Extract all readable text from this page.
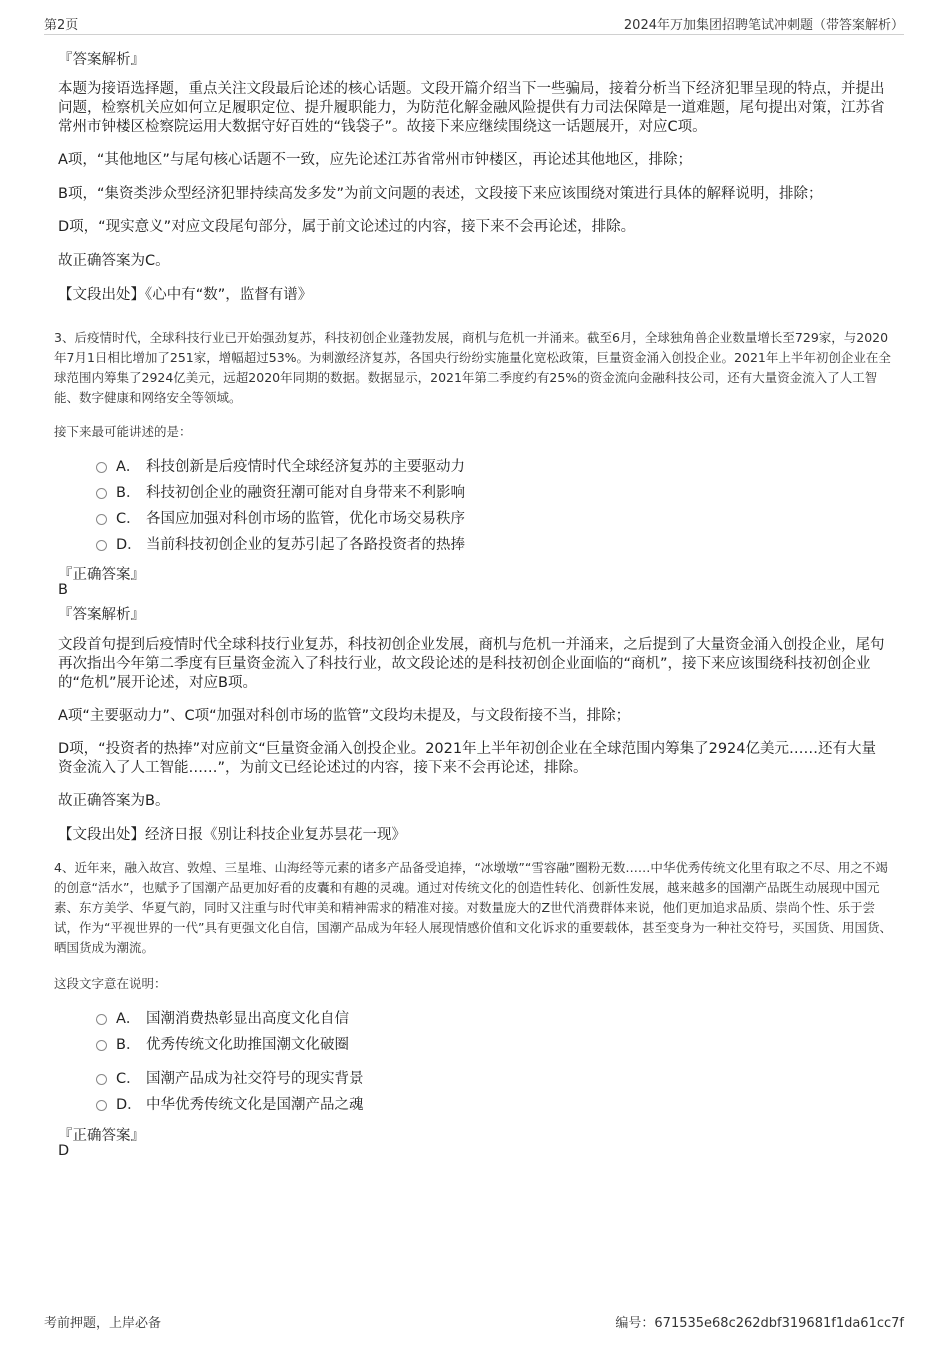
第2页	2024年万加集团招聘笔试冲刺题（带答案解析）
『答案解析』
本题为接语选择题，重点关注文段最后论述的核心话题。文段开篇介绍当下一些骗局，接着分析当下经济犯罪呈现的特点，并提出问题，检察机关应如何立足履职定位、提升履职能力，为防范化解金融风险提供有力司法保障是一道难题，尾句提出对策，江苏省常州市钟楼区检察院运用大数据守好百姓的“钱袋子”。故接下来应继续围绕这一话题展开，对应C项。
A项，“其他地区”与尾句核心话题不一致，应先论述江苏省常州市钟楼区，再论述其他地区，排除；
B项，“集资类涉众型经济犯罪持续高发多发”为前文问题的表述，文段接下来应该围绕对策进行具体的解释说明，排除；
D项，“现实意义”对应文段尾句部分，属于前文论述过的内容，接下来不会再论述，排除。
故正确答案为C。
【文段出处】《心中有“数”，监督有谱》
3、后疫情时代，全球科技行业已开始强劲复苏，科技初创企业蓬勃发展，商机与危机一并涌来。截至6月，全球独角兽企业数量增长至729家，与2020年7月1日相比增加了251家，增幅超过53%。为刺激经济复苏，各国央行纷纷实施量化宽松政策，巨量资金涌入创投企业。2021年上半年初创企业在全球范围内筹集了2924亿美元，远超2020年同期的数据。数据显示，2021年第二季度约有25%的资金流向金融科技公司，还有大量资金流入了人工智能、数字健康和网络安全等领域。
接下来最可能讲述的是：
A． 科技创新是后疫情时代全球经济复苏的主要驱动力
B． 科技初创企业的融资狂潮可能对自身带来不利影响
C． 各国应加强对科创市场的监管，优化市场交易秩序
D． 当前科技初创企业的复苏引起了各路投资者的热捧
『正确答案』
B
『答案解析』
文段首句提到后疫情时代全球科技行业复苏，科技初创企业发展，商机与危机一并涌来，之后提到了大量资金涌入创投企业，尾句再次指出今年第二季度有巨量资金流入了科技行业，故文段论述的是科技初创企业面临的“商机”，接下来应该围绕科技初创企业的“危机”展开论述，对应B项。
A项“主要驱动力”、C项“加强对科创市场的监管”文段均未提及，与文段衔接不当，排除；
D项，“投资者的热捧”对应前文“巨量资金涌入创投企业。2021年上半年初创企业在全球范围内筹集了2924亿美元……还有大量资金流入了人工智能……”，为前文已经论述过的内容，接下来不会再论述，排除。
故正确答案为B。
【文段出处】经济日报《别让科技企业复苏昙花一现》
4、近年来，融入故宫、敦煌、三星堆、山海经等元素的诸多产品备受追捧，“冰墩墩”“雪容融”圈粉无数……中华优秀传统文化里有取之不尽、用之不竭的创意“活水”，也赋予了国潮产品更加好看的皮囊和有趣的灵魂。通过对传统文化的创造性转化、创新性发展，越来越多的国潮产品既生动展现中国元素、东方美学、华夏气韵，同时又注重与时代审美和精神需求的精准对接。对数量庞大的Z世代消费群体来说，他们更加追求品质、崇尚个性、乐于尝试，作为“平视世界的一代”具有更强文化自信，国潮产品成为年轻人展现情感价值和文化诉求的重要载体，甚至变身为一种社交符号，买国货、用国货、晒国货成为潮流。
这段文字意在说明：
A． 国潮消费热彰显出高度文化自信
B． 优秀传统文化助推国潮文化破圈
C． 国潮产品成为社交符号的现实背景
D． 中华优秀传统文化是国潮产品之魂
『正确答案』
D
考前押题，上岸必备	编号：671535e68c262dbf319681f1da61cc7f
